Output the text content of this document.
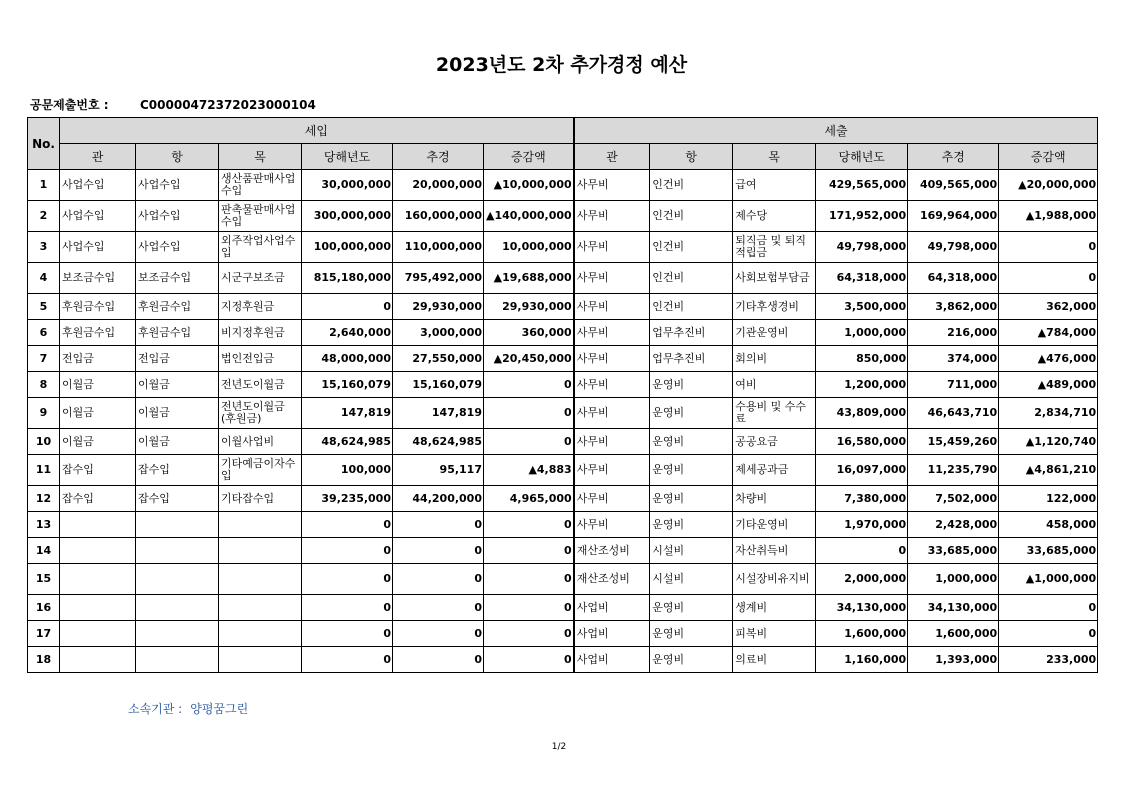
2023년도 2차 추가경정 예산
공문제출번호 :	C00000472372023000104
No.	세입						세출					
	관	항	목	당해년도	추경	증감액	관	항	목	당해년도	추경	증감액
1	사업수입	사업수입	생산품판매사업수입	30,000,000	20,000,000	▲10,000,000	사무비	인건비	급여	429,565,000	409,565,000	▲20,000,000
2	사업수입	사업수입	판촉물판매사업수입	300,000,000	160,000,000	▲140,000,000	사무비	인건비	제수당	171,952,000	169,964,000	▲1,988,000
3	사업수입	사업수입	외주작업사업수입	100,000,000	110,000,000	10,000,000	사무비	인건비	퇴직금 및 퇴직적립금	49,798,000	49,798,000	0
4	보조금수입	보조금수입	시군구보조금	815,180,000	795,492,000	▲19,688,000	사무비	인건비	사회보험부담금	64,318,000	64,318,000	0
5	후원금수입	후원금수입	지정후원금	0	29,930,000	29,930,000	사무비	인건비	기타후생경비	3,500,000	3,862,000	362,000
6	후원금수입	후원금수입	비지정후원금	2,640,000	3,000,000	360,000	사무비	업무추진비	기관운영비	1,000,000	216,000	▲784,000
7	전입금	전입금	법인전입금	48,000,000	27,550,000	▲20,450,000	사무비	업무추진비	회의비	850,000	374,000	▲476,000
8	이월금	이월금	전년도이월금	15,160,079	15,160,079	0	사무비	운영비	여비	1,200,000	711,000	▲489,000
9	이월금	이월금	전년도이월금(후원금)	147,819	147,819	0	사무비	운영비	수용비 및 수수료	43,809,000	46,643,710	2,834,710
10	이월금	이월금	이월사업비	48,624,985	48,624,985	0	사무비	운영비	공공요금	16,580,000	15,459,260	▲1,120,740
11	잡수입	잡수입	기타예금이자수입	100,000	95,117	▲4,883	사무비	운영비	제세공과금	16,097,000	11,235,790	▲4,861,210
12	잡수입	잡수입	기타잡수입	39,235,000	44,200,000	4,965,000	사무비	운영비	차량비	7,380,000	7,502,000	122,000
13				0	0	0	사무비	운영비	기타운영비	1,970,000	2,428,000	458,000
14				0	0	0	재산조성비	시설비	자산취득비	0	33,685,000	33,685,000
15				0	0	0	재산조성비	시설비	시설장비유지비	2,000,000	1,000,000	▲1,000,000
16				0	0	0	사업비	운영비	생계비	34,130,000	34,130,000	0
17				0	0	0	사업비	운영비	피복비	1,600,000	1,600,000	0
18				0	0	0	사업비	운영비	의료비	1,160,000	1,393,000	233,000
소속기관 : 양평꿈그린
1/2
